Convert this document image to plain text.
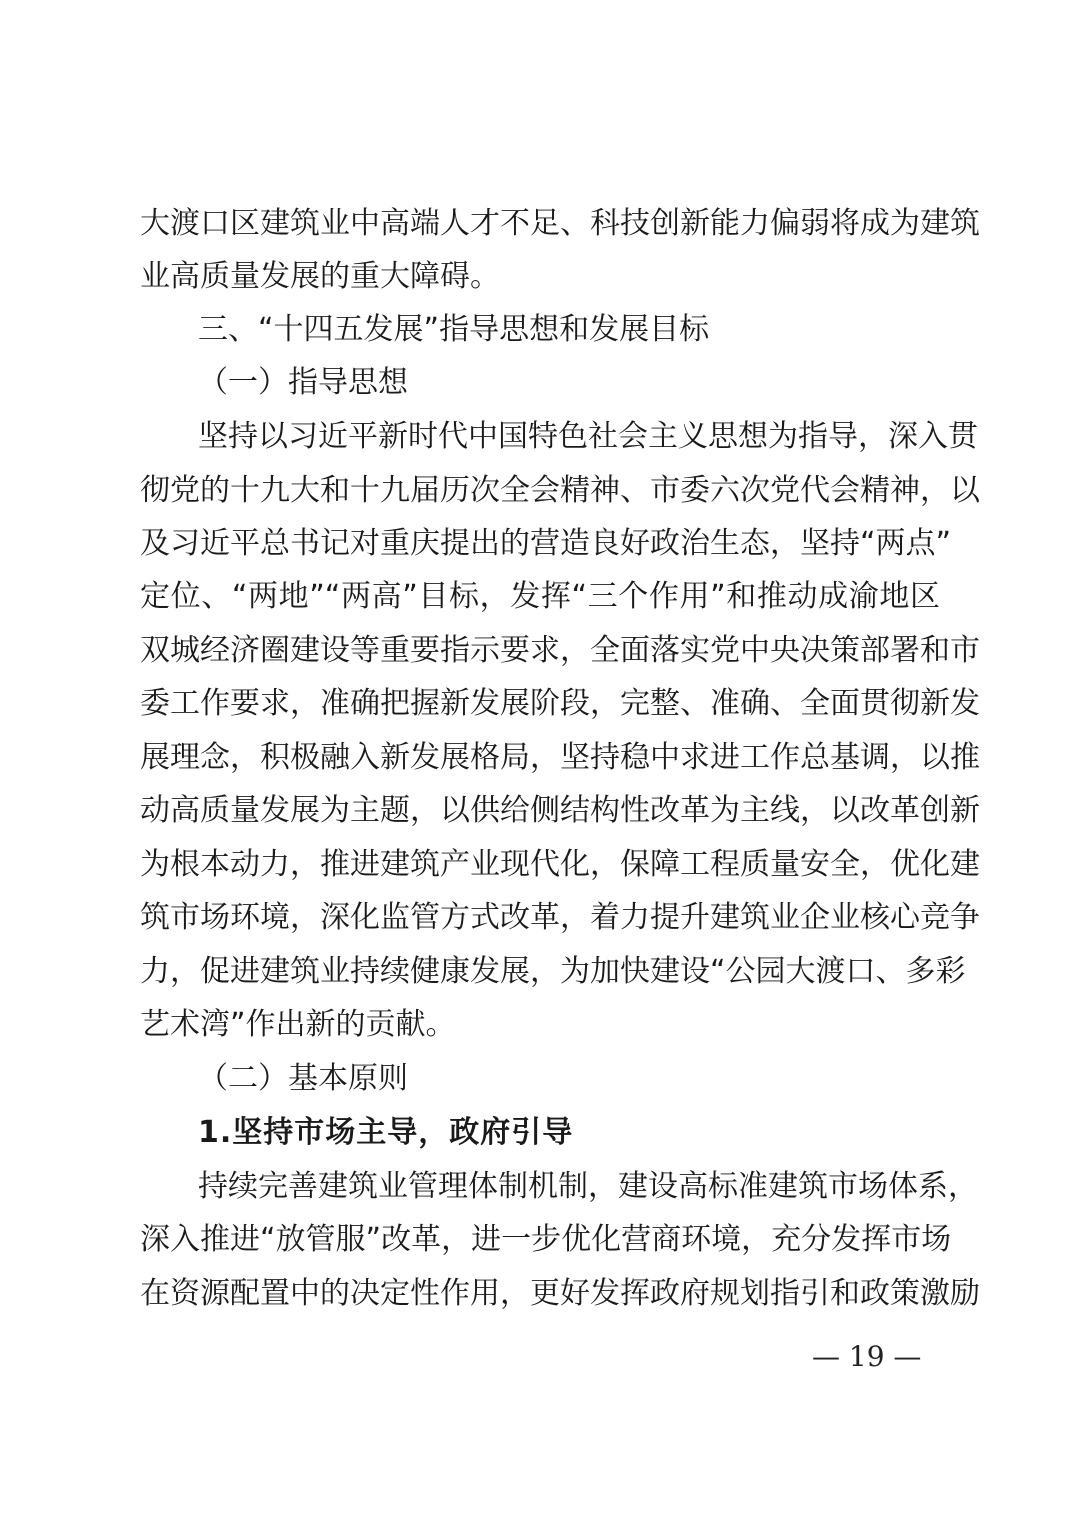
大渡口区建筑业中高端人才不足、科技创新能力偏弱将成为建筑
业高质量发展的重大障碍。
三、“十四五发展”指导思想和发展目标
（一）指导思想
坚持以习近平新时代中国特色社会主义思想为指导，深入贯
彻党的十九大和十九届历次全会精神、市委六次党代会精神，以
及习近平总书记对重庆提出的营造良好政治生态，坚持“两点”
定位、“两地”“两高”目标，发挥“三个作用”和推动成渝地区
双城经济圈建设等重要指示要求，全面落实党中央决策部署和市
委工作要求，准确把握新发展阶段，完整、准确、全面贯彻新发
展理念，积极融入新发展格局，坚持稳中求进工作总基调，以推
动高质量发展为主题，以供给侧结构性改革为主线，以改革创新
为根本动力，推进建筑产业现代化，保障工程质量安全，优化建
筑市场环境，深化监管方式改革，着力提升建筑业企业核心竞争
力，促进建筑业持续健康发展，为加快建设“公园大渡口、多彩
艺术湾”作出新的贡献。
（二）基本原则
1.坚持市场主导，政府引导
持续完善建筑业管理体制机制，建设高标准建筑市场体系，
深入推进“放管服”改革，进一步优化营商环境，充分发挥市场
在资源配置中的决定性作用，更好发挥政府规划指引和政策激励
— 19 —
